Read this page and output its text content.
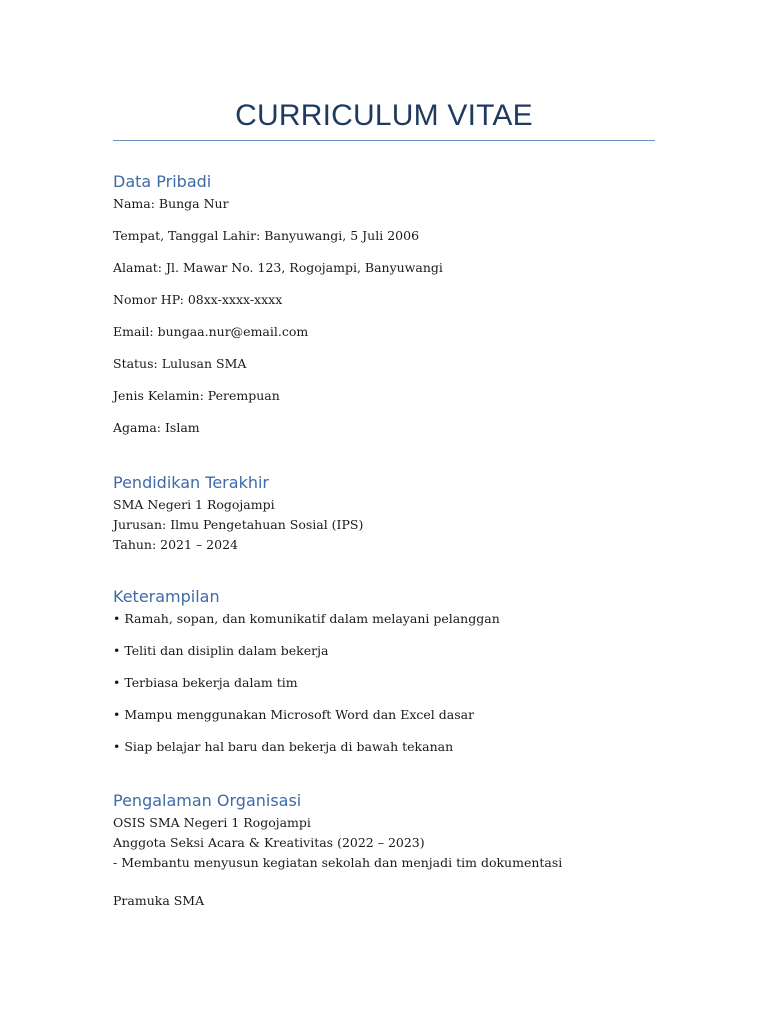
CURRICULUM VITAE
Data Pribadi

Nama: Bunga Nur

Tempat, Tanggal Lahir: Banyuwangi, 5 Juli 2006

Alamat: Jl. Mawar No. 123, Rogojampi, Banyuwangi

Nomor HP: 08xx-xxxx-xxxx

Email: bungaa.nur@email.com

Status: Lulusan SMA

Jenis Kelamin: Perempuan

Agama: Islam

Pendidikan Terakhir

SMA Negeri 1 Rogojampi

Jurusan: Ilmu Pengetahuan Sosial (IPS)

Tahun: 2021 – 2024

Keterampilan

• Ramah, sopan, dan komunikatif dalam melayani pelanggan

• Teliti dan disiplin dalam bekerja

• Terbiasa bekerja dalam tim

• Mampu menggunakan Microsoft Word dan Excel dasar

• Siap belajar hal baru dan bekerja di bawah tekanan

Pengalaman Organisasi

OSIS SMA Negeri 1 Rogojampi

Anggota Seksi Acara & Kreativitas (2022 – 2023)

- Membantu menyusun kegiatan sekolah dan menjadi tim dokumentasi

Pramuka SMA
